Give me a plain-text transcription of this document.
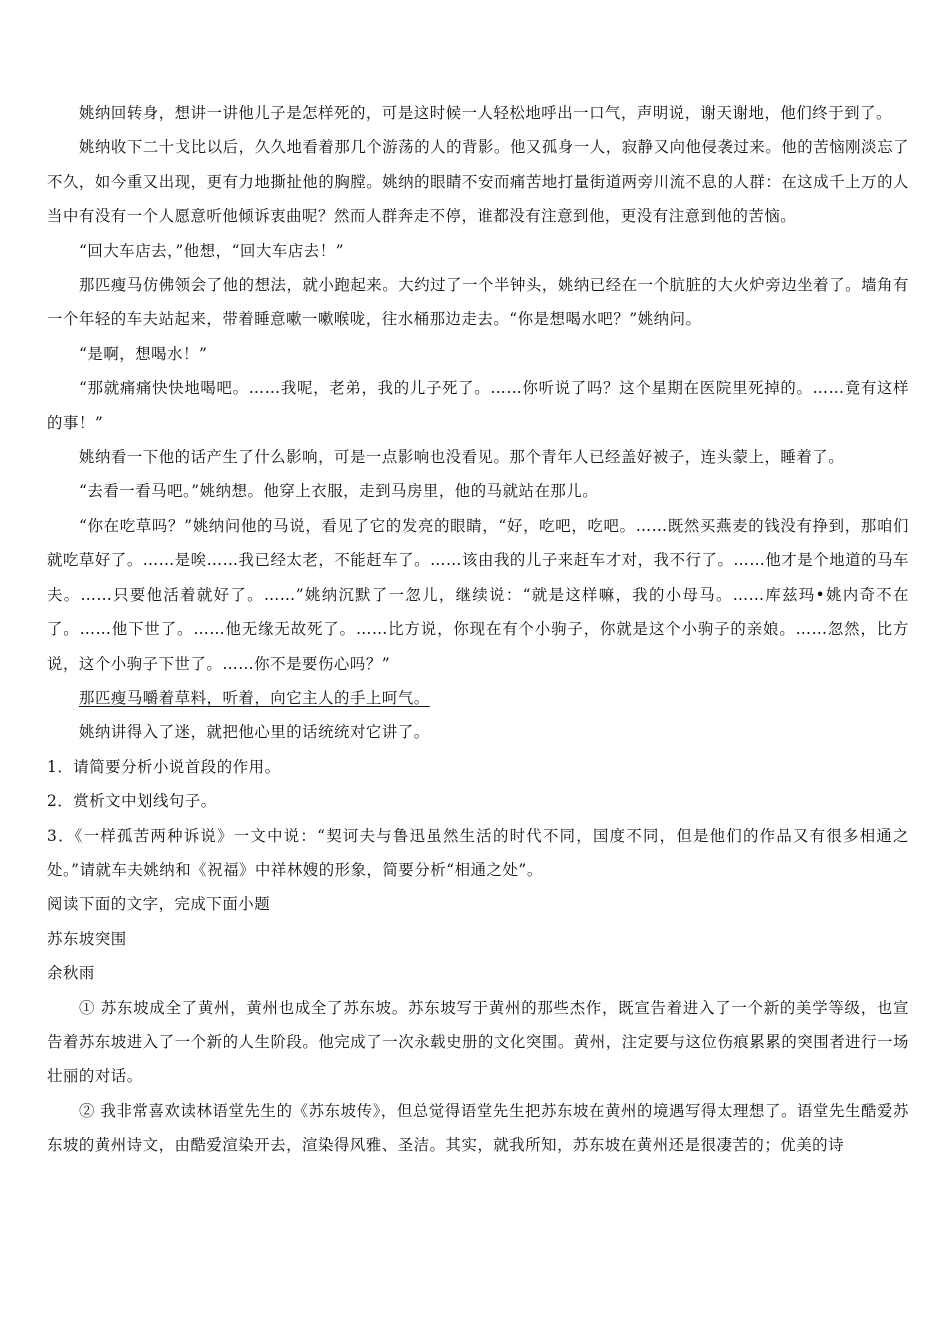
姚纳回转身，想讲一讲他儿子是怎样死的，可是这时候一人轻松地呼出一口气，声明说，谢天谢地，他们终于到了。

姚纳收下二十戈比以后，久久地看着那几个游荡的人的背影。他又孤身一人，寂静又向他侵袭过来。他的苦恼刚淡忘了不久，如今重又出现，更有力地撕扯他的胸膛。姚纳的眼睛不安而痛苦地打量街道两旁川流不息的人群：在这成千上万的人当中有没有一个人愿意听他倾诉衷曲呢？然而人群奔走不停，谁都没有注意到他，更没有注意到他的苦恼。

“回大车店去，”他想，“回大车店去！”

那匹瘦马仿佛领会了他的想法，就小跑起来。大约过了一个半钟头，姚纳已经在一个肮脏的大火炉旁边坐着了。墙角有一个年轻的车夫站起来，带着睡意嗽一嗽喉咙，往水桶那边走去。“你是想喝水吧？”姚纳问。

“是啊，想喝水！”

“那就痛痛快快地喝吧。……我呢，老弟，我的儿子死了。……你听说了吗？这个星期在医院里死掉的。……竟有这样的事！”

姚纳看一下他的话产生了什么影响，可是一点影响也没看见。那个青年人已经盖好被子，连头蒙上，睡着了。

“去看一看马吧。”姚纳想。他穿上衣服，走到马房里，他的马就站在那儿。

“你在吃草吗？”姚纳问他的马说，看见了它的发亮的眼睛，“好，吃吧，吃吧。……既然买燕麦的钱没有挣到，那咱们就吃草好了。……是唉……我已经太老，不能赶车了。……该由我的儿子来赶车才对，我不行了。……他才是个地道的马车夫。……只要他活着就好了。……”姚纳沉默了一忽儿，继续说：“就是这样嘛，我的小母马。……库兹玛•姚内奇不在了。……他下世了。……他无缘无故死了。……比方说，你现在有个小驹子，你就是这个小驹子的亲娘。……忽然，比方说，这个小驹子下世了。……你不是要伤心吗？”

那匹瘦马嚼着草料，听着，向它主人的手上呵气。

姚纳讲得入了迷，就把他心里的话统统对它讲了。

1．请简要分析小说首段的作用。

2．赏析文中划线句子。

3．《一样孤苦两种诉说》一文中说：“契诃夫与鲁迅虽然生活的时代不同，国度不同，但是他们的作品又有很多相通之处。”请就车夫姚纳和《祝福》中祥林嫂的形象，简要分析“相通之处”。

阅读下面的文字，完成下面小题

苏东坡突围

余秋雨

① 苏东坡成全了黄州，黄州也成全了苏东坡。苏东坡写于黄州的那些杰作，既宣告着进入了一个新的美学等级，也宣告着苏东坡进入了一个新的人生阶段。他完成了一次永载史册的文化突围。黄州，注定要与这位伤痕累累的突围者进行一场壮丽的对话。

② 我非常喜欢读林语堂先生的《苏东坡传》，但总觉得语堂先生把苏东坡在黄州的境遇写得太理想了。语堂先生酷爱苏东坡的黄州诗文，由酷爱渲染开去，渲染得风雅、圣洁。其实，就我所知，苏东坡在黄州还是很凄苦的；优美的诗
